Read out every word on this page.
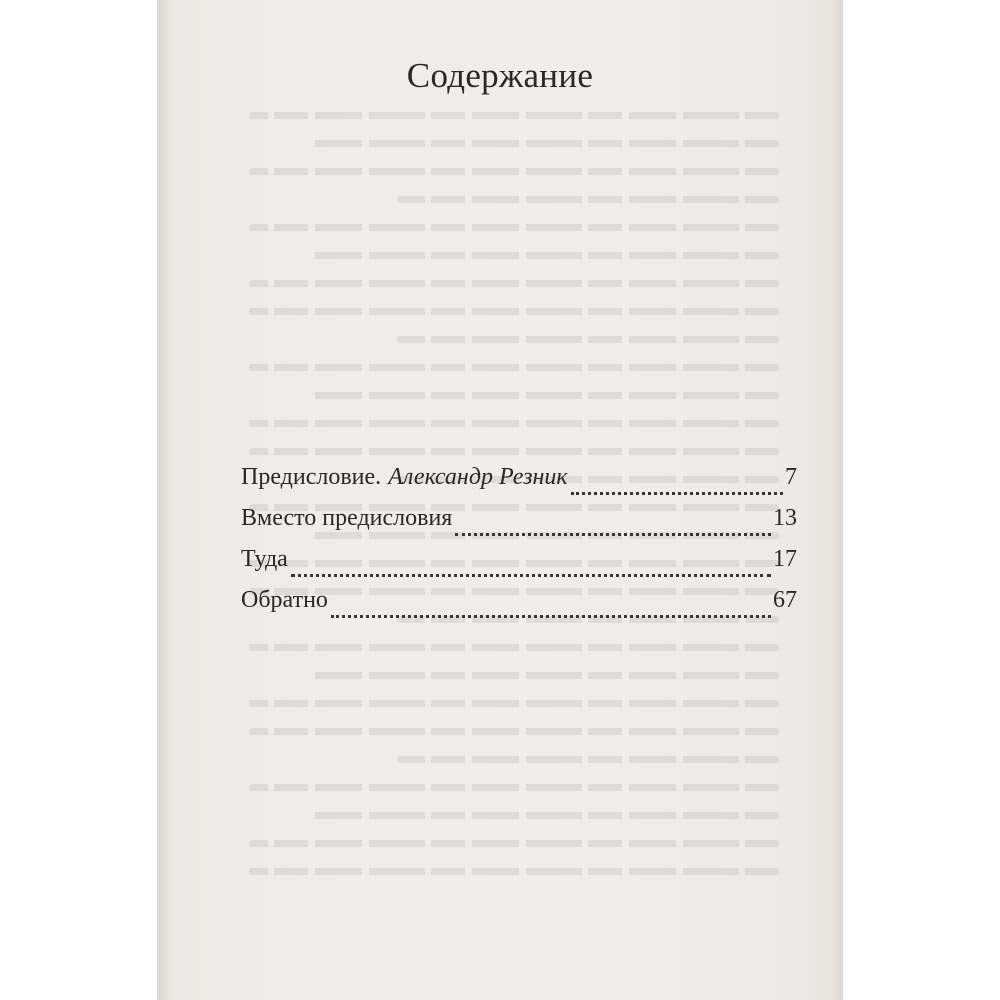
Содержание
Предисловие. Александр Резник	7
Вместо предисловия	13
Туда	17
Обратно	67
